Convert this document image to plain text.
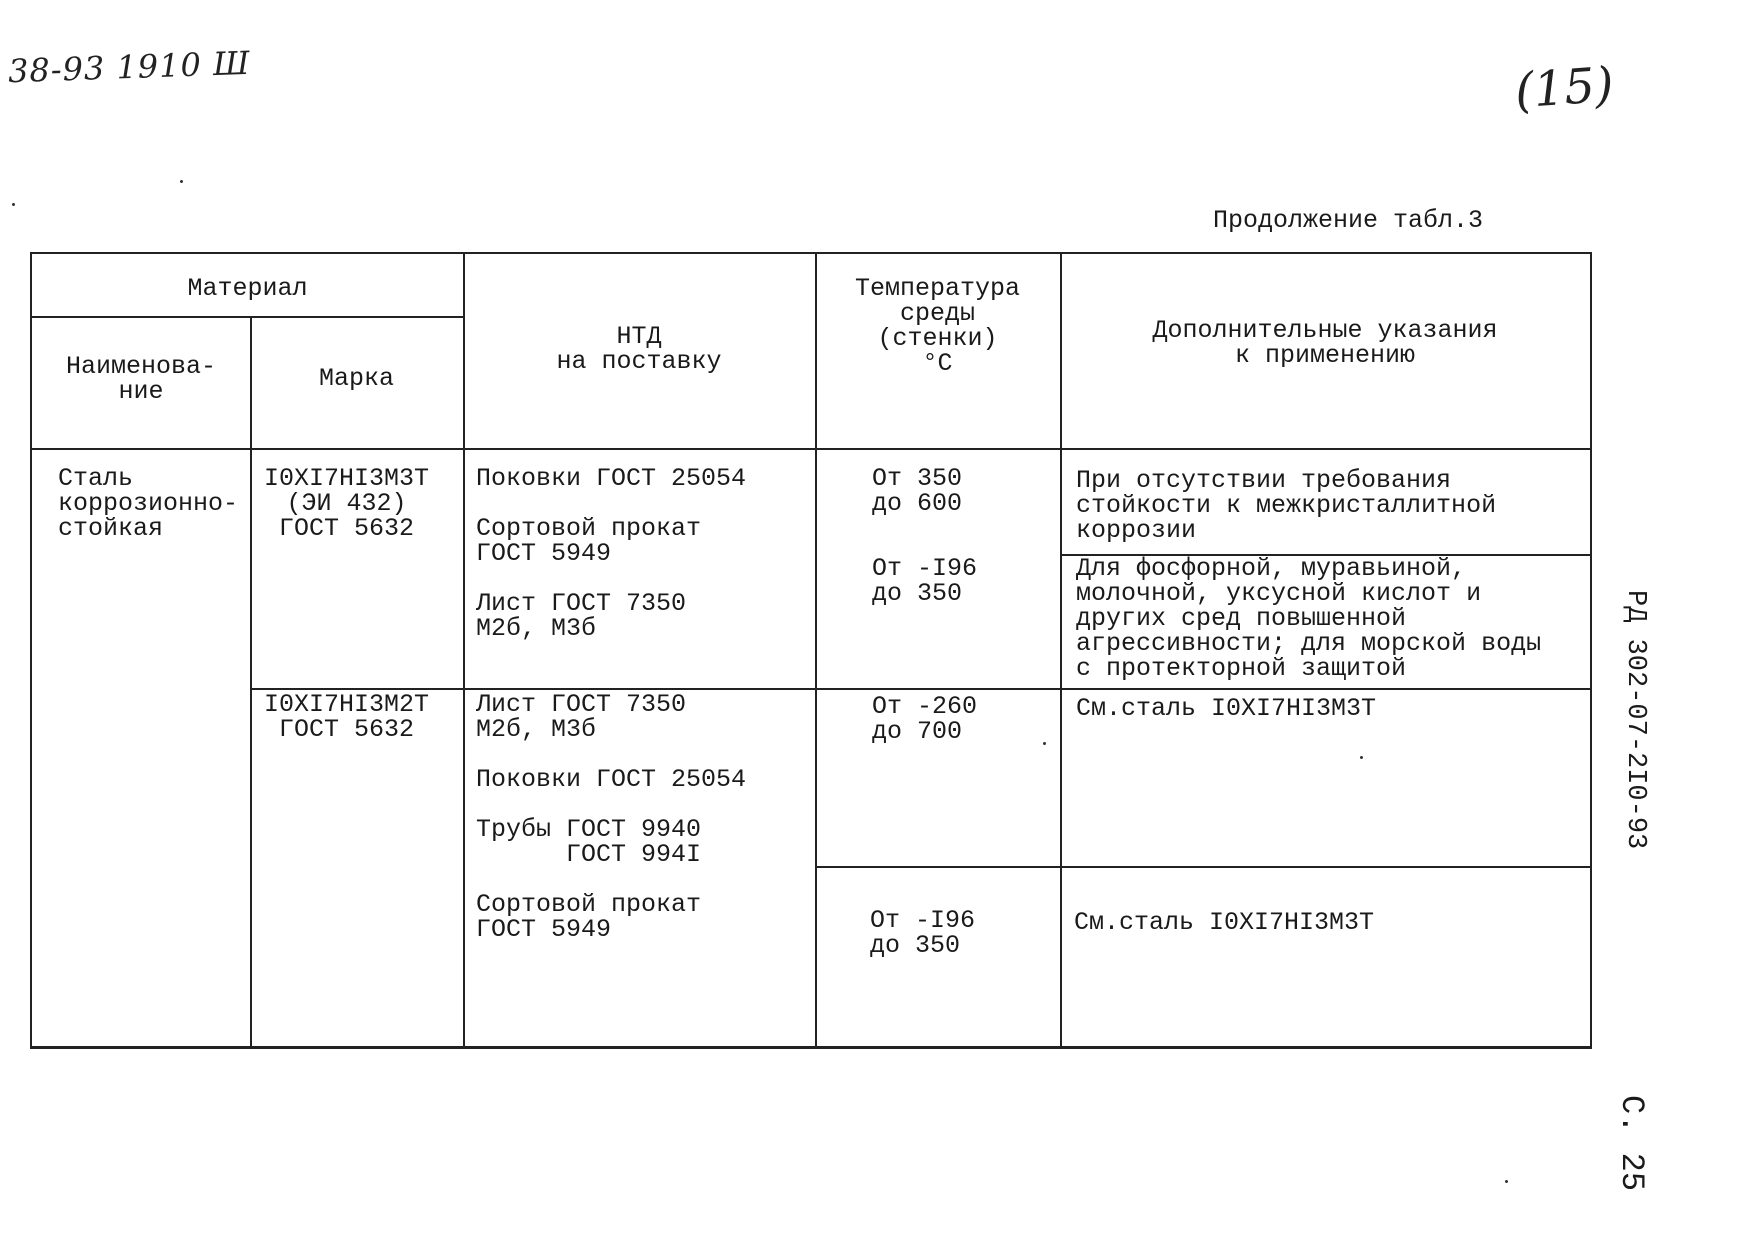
38-93 1910 Ш	(15)
Продолжение табл.3
Материал
Наименова-
ние	Марка
НТД
на поставку
Температура
среды
(стенки)
°С
Дополнительные указания
к применению
Сталь
коррозионно-
стойкая
I0XI7HI3M3T
(ЭИ 432)
ГОСТ 5632
Поковки ГОСТ 25054

Сортовой прокат
ГОСТ 5949

Лист ГОСТ 7350
М2б, М3б
От 350
до 600
При отсутствии требования
стойкости к межкристаллитной
коррозии
От -I96
до 350
Для фосфорной, муравьиной,
молочной, уксусной кислот и
других сред повышенной
агрессивности; для морской воды
с протекторной защитой
I0XI7HI3M2T
ГОСТ 5632
Лист ГОСТ 7350
М2б, М3б

Поковки ГОСТ 25054

Трубы ГОСТ 9940
ГОСТ 994I

Сортовой прокат
ГОСТ 5949
От -260
до 700
См.сталь I0XI7HI3M3T
От -I96
до 350
См.сталь I0XI7HI3M3T
РД 302-07-2I0-93
С. 25
